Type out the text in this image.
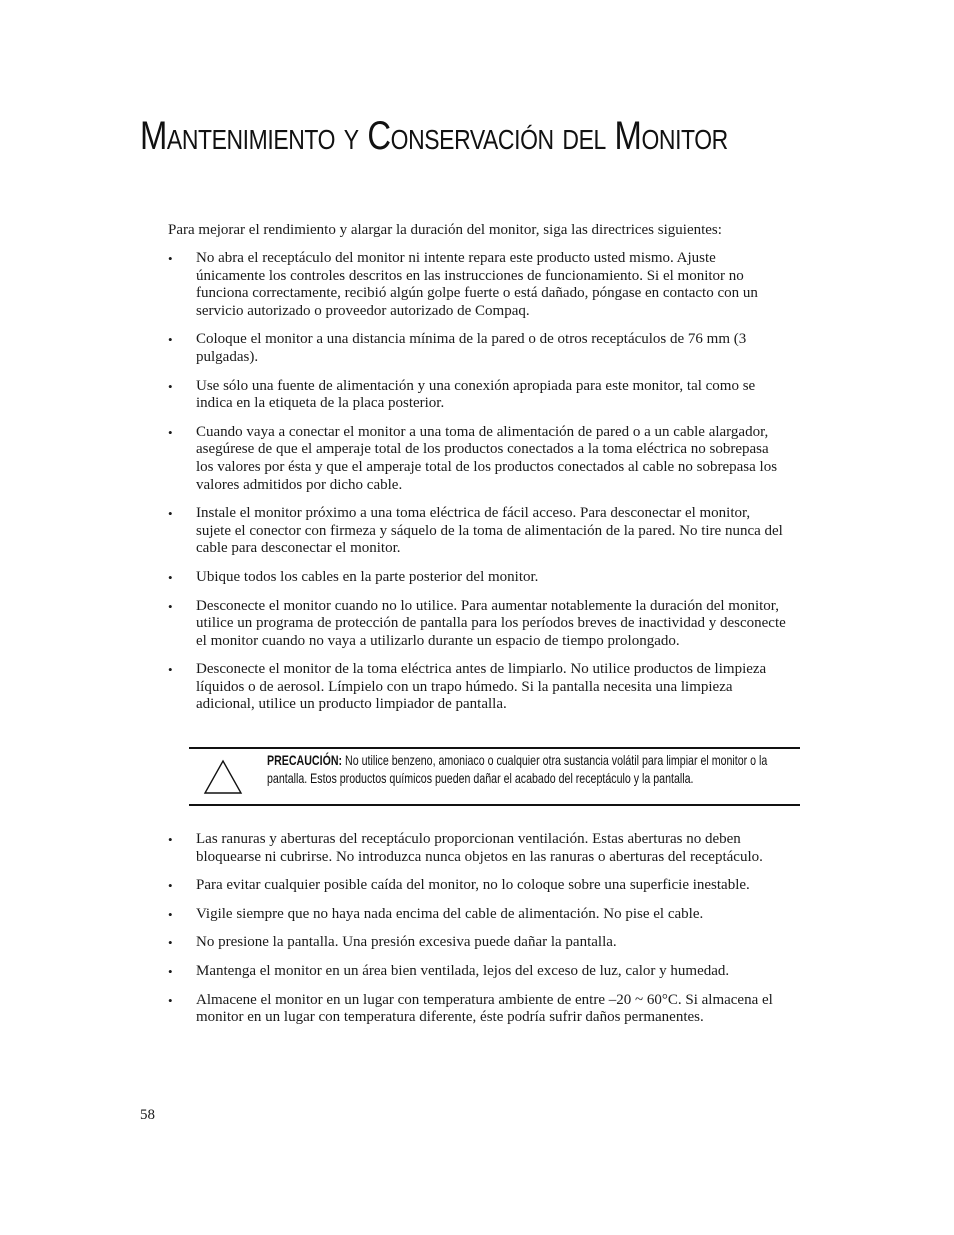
Mantenimiento y Conservación del Monitor

Para mejorar el rendimiento y alargar la duración del monitor, siga las directrices siguientes:

• No abra el receptáculo del monitor ni intente repara este producto usted mismo. Ajuste únicamente los controles descritos en las instrucciones de funcionamiento. Si el monitor no funciona correctamente, recibió algún golpe fuerte o está dañado, póngase en contacto con un servicio autorizado o proveedor autorizado de Compaq.
• Coloque el monitor a una distancia mínima de la pared o de otros receptáculos de 76 mm (3 pulgadas).
• Use sólo una fuente de alimentación y una conexión apropiada para este monitor, tal como se indica en la etiqueta de la placa posterior.
• Cuando vaya a conectar el monitor a una toma de alimentación de pared o a un cable alargador, asegúrese de que el amperaje total de los productos conectados a la toma eléctrica no sobrepasa los valores por ésta y que el amperaje total de los productos conectados al cable no sobrepasa los valores admitidos por dicho cable.
• Instale el monitor próximo a una toma eléctrica de fácil acceso. Para desconectar el monitor, sujete el conector con firmeza y sáquelo de la toma de alimentación de la pared. No tire nunca del cable para desconectar el monitor.
• Ubique todos los cables en la parte posterior del monitor.
• Desconecte el monitor cuando no lo utilice. Para aumentar notablemente la duración del monitor, utilice un programa de protección de pantalla para los períodos breves de inactividad y desconecte el monitor cuando no vaya a utilizarlo durante un espacio de tiempo prolongado.
• Desconecte el monitor de la toma eléctrica antes de limpiarlo. No utilice productos de limpieza líquidos o de aerosol. Límpielo con un trapo húmedo. Si la pantalla necesita una limpieza adicional, utilice un producto limpiador de pantalla.

PRECAUCIÓN: No utilice benzeno, amoniaco o cualquier otra sustancia volátil para limpiar el monitor o la pantalla. Estos productos químicos pueden dañar el acabado del receptáculo y la pantalla.

• Las ranuras y aberturas del receptáculo proporcionan ventilación. Estas aberturas no deben bloquearse ni cubrirse. No introduzca nunca objetos en las ranuras o aberturas del receptáculo.
• Para evitar cualquier posible caída del monitor, no lo coloque sobre una superficie inestable.
• Vigile siempre que no haya nada encima del cable de alimentación. No pise el cable.
• No presione la pantalla. Una presión excesiva puede dañar la pantalla.
• Mantenga el monitor en un área bien ventilada, lejos del exceso de luz, calor y humedad.
• Almacene el monitor en un lugar con temperatura ambiente de entre –20 ~ 60°C. Si almacena el monitor en un lugar con temperatura diferente, éste podría sufrir daños permanentes.
58
